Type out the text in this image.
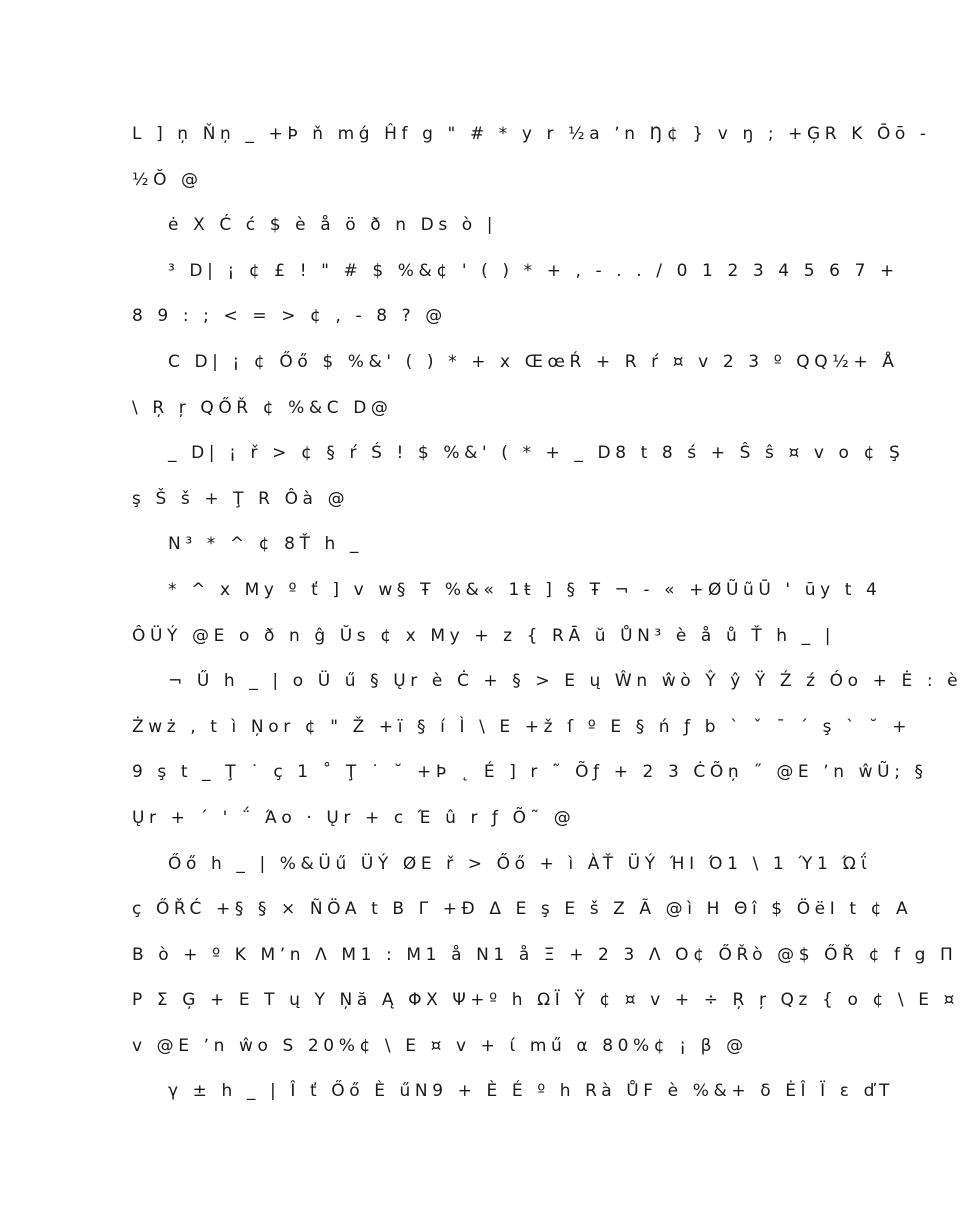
L ] ņ Ňņ _ +Þ ň mǵ Ĥf g " # * y r ½a ʼn Ŋ¢ } v ŋ ; +ĢR K Ōō -
½Ŏ @
ė X Ć ć $ è å ö ð n Ds ò |
³ D| ¡ ¢ £ ! " # $ %&¢ ' ( ) * + , - . . / 0 1 2 3 4 5 6 7 +
8 9 : ; < = > ¢ , - 8 ? @
C D| ¡ ¢ Őő $ %&' ( ) * + x ŒœŔ + R ŕ ¤ v 2 3 º QQ½+ Å
\ Ŗ ŗ QŐŘ ¢ %&C D@
_ D| ¡ ř > ¢ § ŕ Ś ! $ %&' ( * + _ D8 t 8 ś + Ŝ ŝ ¤ v o ¢ Ş
ş Š š + Ţ R Ôà @
N³ * ^ ¢ 8Ť h _
* ^ x My º ť ] v w§ Ŧ %&« 1ŧ ] § Ŧ ¬ - « +ØŨũŪ ' ūy t 4
ÔÜÝ @E o ð n ĝ Ŭs ¢ x My + z { RĀ ŭ ŮN³ è å ů Ť h _ |
¬ Ű h _ | o Ü ű § Ųr è Ċ + § > E ų Ŵn ŵò Ŷ ŷ Ÿ Ź ź Óo + Ė : è
Żwż , t ì Ņor ¢ " Ž +ï § í Ì \ E +ž ſ º E § ń ƒ b ` ˇ ¯ ´ ş ` ˘ +
9 ş t _ Ţ ˙ ç 1 ˚ Ţ ˙ ˘ +Þ ˛ É ] r ˜ Õƒ + 2 3 ĊÕņ ˝ @E ʼn ŵŨ; §
Ųr + ´ ' ΅ Άo · Ųr + c Έ û r ƒ Õ˜ @
Őő h _ | %&Üű ÜÝ ØE ř > Őő + ì ÀŤ ÜÝ ΉΙ Ό1 \ 1 Ύ1 Ώΐ
ç ŐŘĆ +§ § × ÑÖA t B Γ +Đ Δ E ş E š Z Ã @ì H Θî $ ÖëI t ¢ A
B ò + º K Mʼn Λ M1 : M1 å N1 å Ξ + 2 3 Λ O¢ ŐŘò @$ ŐŘ ¢ f g Π
P Σ Ģ + E T ų Y Ņă Ą ΦX Ψ+º h ΩΪ Ÿ ¢ ¤ v + ÷ Ŗ ŗ Qz { o ¢ \ E ¤
v @E ʼn ŵo S 20%¢ \ E ¤ v + ί mű α 80%¢ ¡ β @
γ ± h _ | Î ť Őő È űN9 + È É º h Rà ŮF è %&+ δ ĖÎ Ï ε ďT
